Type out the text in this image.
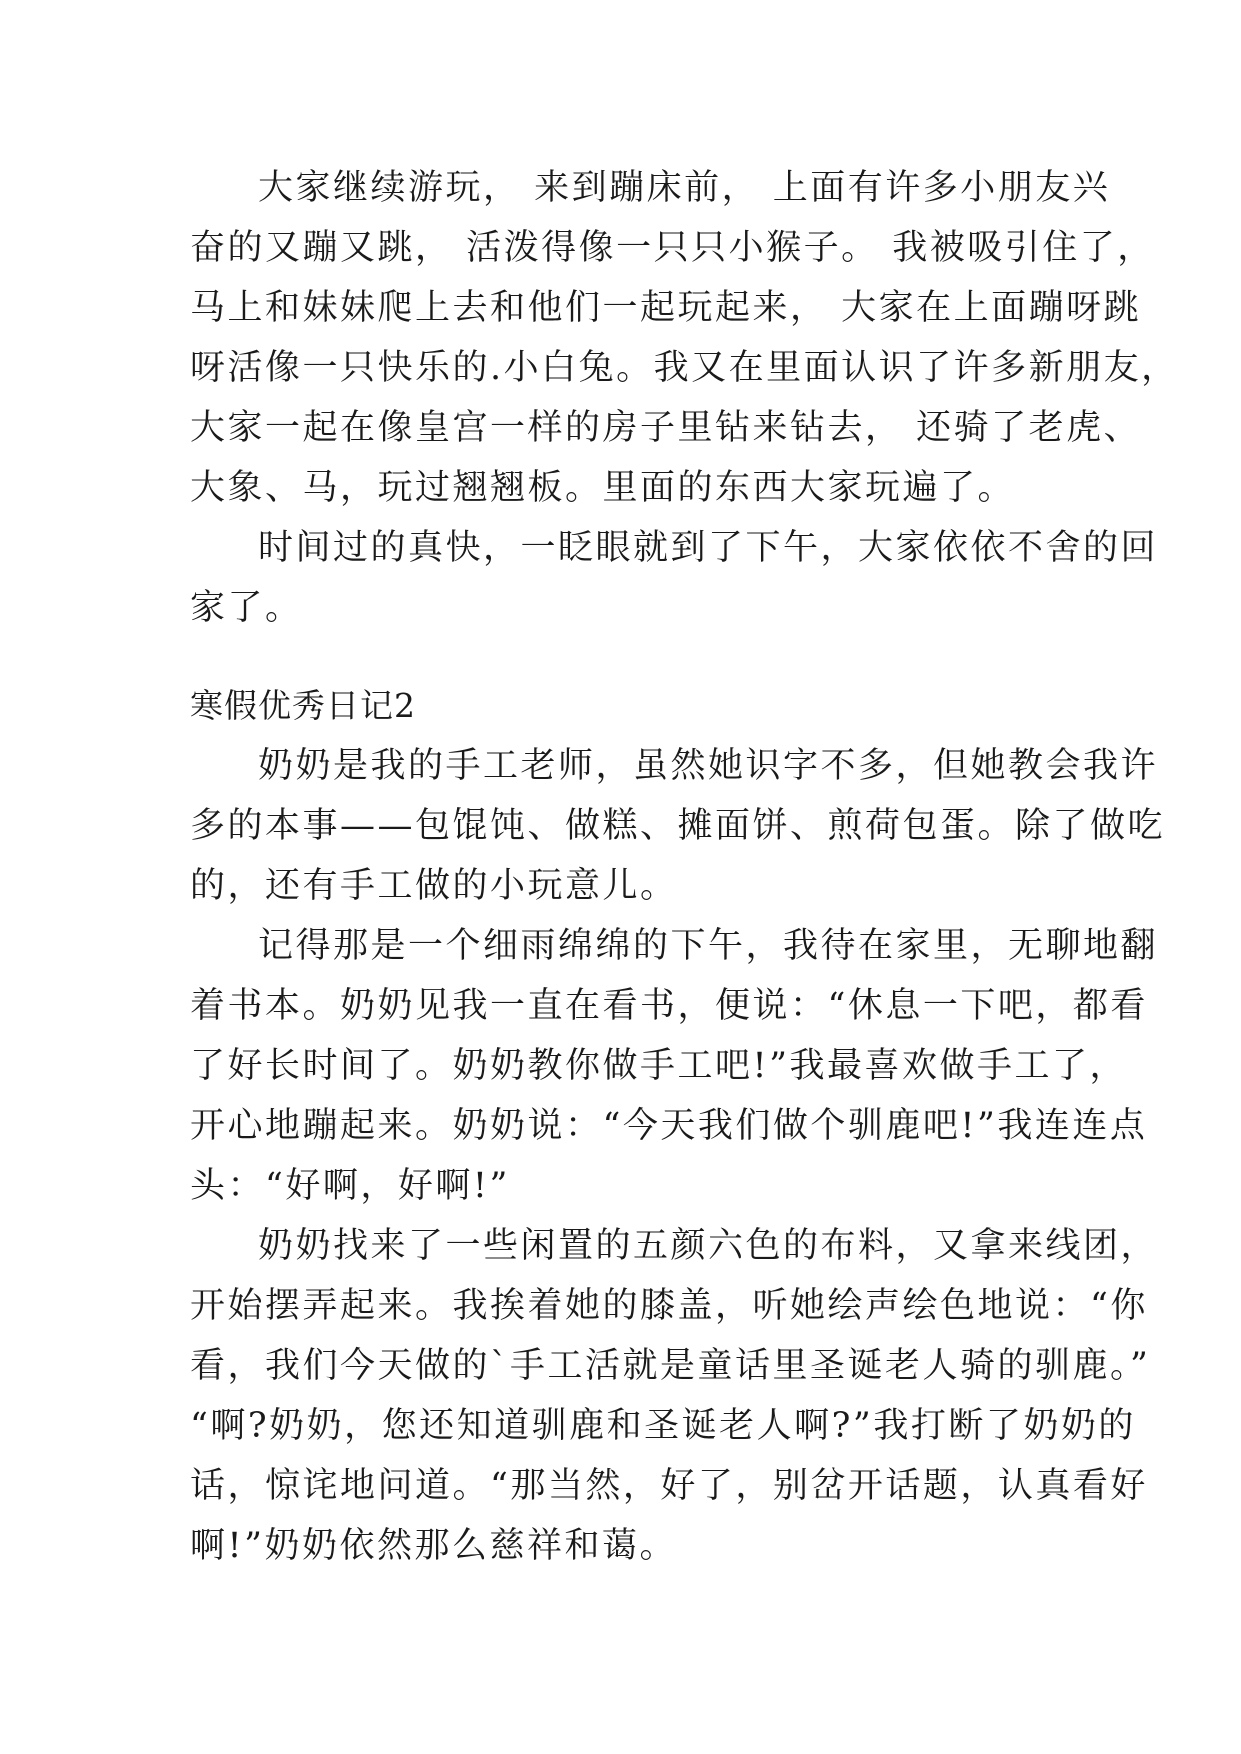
大家继续游玩， 来到蹦床前， 上面有许多小朋友兴
奋的又蹦又跳， 活泼得像一只只小猴子。 我被吸引住了，
马上和妹妹爬上去和他们一起玩起来， 大家在上面蹦呀跳
呀活像一只快乐的.小白兔。我又在里面认识了许多新朋友，
大家一起在像皇宫一样的房子里钻来钻去， 还骑了老虎、
大象、马，玩过翘翘板。里面的东西大家玩遍了。
时间过的真快，一眨眼就到了下午，大家依依不舍的回
家了。
寒假优秀日记2
奶奶是我的手工老师，虽然她识字不多，但她教会我许
多的本事——包馄饨、做糕、摊面饼、煎荷包蛋。除了做吃
的，还有手工做的小玩意儿。
记得那是一个细雨绵绵的下午，我待在家里，无聊地翻
着书本。奶奶见我一直在看书，便说：“休息一下吧，都看
了好长时间了。奶奶教你做手工吧!”我最喜欢做手工了，
开心地蹦起来。奶奶说：“今天我们做个驯鹿吧!”我连连点
头：“好啊，好啊!”
奶奶找来了一些闲置的五颜六色的布料，又拿来线团，
开始摆弄起来。我挨着她的膝盖，听她绘声绘色地说：“你
看，我们今天做的`手工活就是童话里圣诞老人骑的驯鹿。”
“啊?奶奶，您还知道驯鹿和圣诞老人啊?”我打断了奶奶的
话，惊诧地问道。“那当然，好了，别岔开话题，认真看好
啊!”奶奶依然那么慈祥和蔼。
